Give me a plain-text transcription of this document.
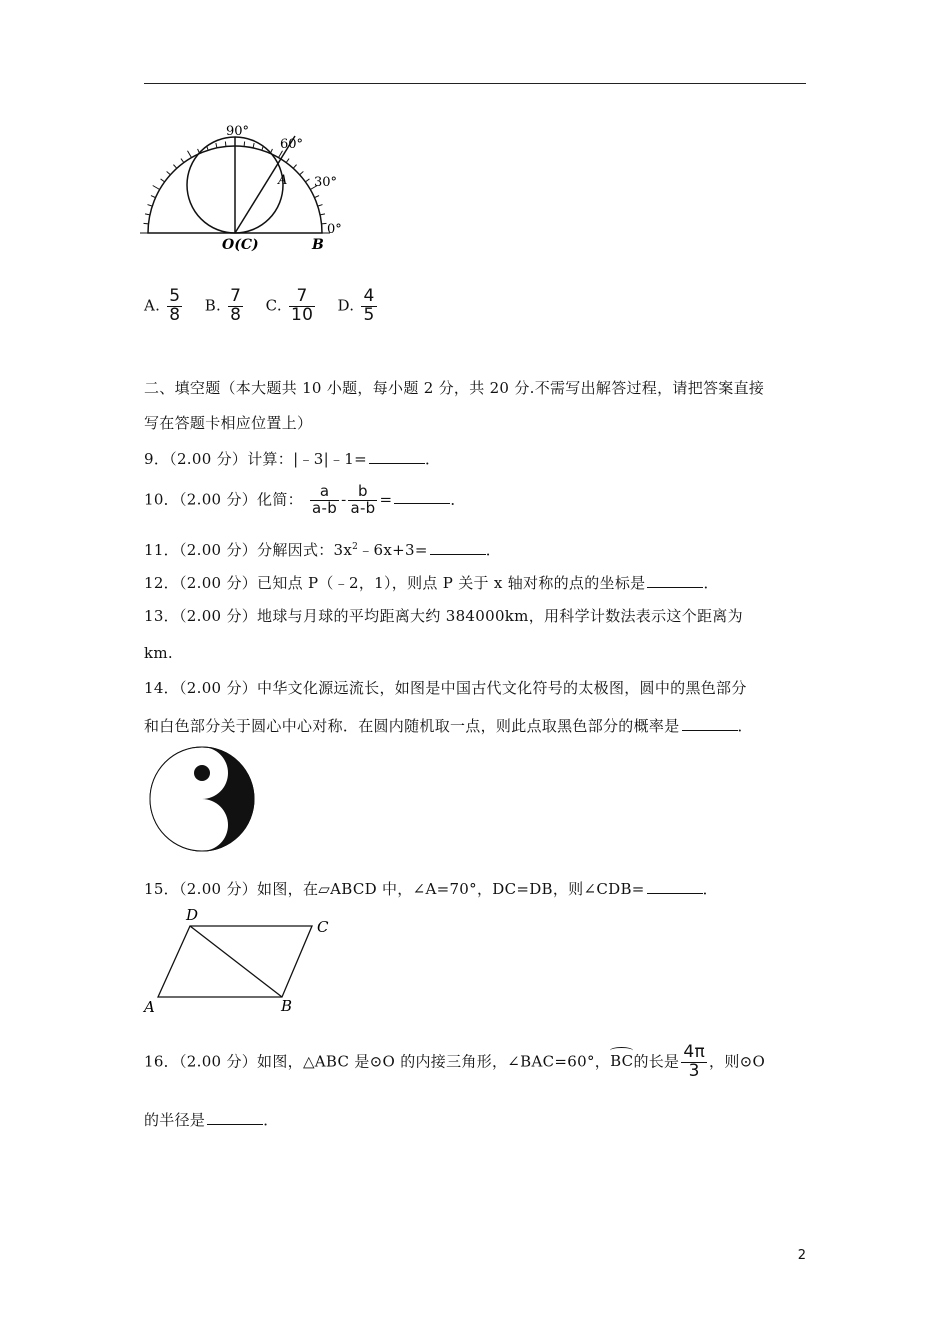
90°
60°
30°
0°
A
O(C)	B
A. $\frac{5}{8} B$. $\frac{7}{8} C$. $\frac{7}{10} D$. $\frac{4}{5}$
二、填空题（本大题共 10 小题，每小题 2 分，共 20 分.不需写出解答过程，请把答案直接
写在答题卡相应位置上）
9．（2.00 分）计算：|﹣3|﹣1=	．
10．（2.00 分）化简： $\frac{a}{a-b} - \frac{b}{a-b}$ =	．
11．（2.00 分）分解因式：$3x^2﹣6x+3=$	．
12．（2.00 分）已知点 P（﹣2，1），则点 P 关于 x 轴对称的点的坐标是	．
13．（2.00 分）地球与月球的平均距离大约 384000km，用科学计数法表示这个距离为
km.
14．（2.00 分）中华文化源远流长，如图是中国古代文化符号的太极图，圆中的黑色部分
和白色部分关于圆心中心对称．在圆内随机取一点，则此点取黑色部分的概率是	．
15．（2.00 分）如图，在▱ABCD 中，∠A=70°，DC=DB，则∠CDB=	．
A	B
C
D
16．（2.00 分）如图，△ABC 是⊙O 的内接三角形，∠BAC=60°，
BC的长是 $\frac{4\pi}{3}$ ，则⊙O
的半径是	．
2
